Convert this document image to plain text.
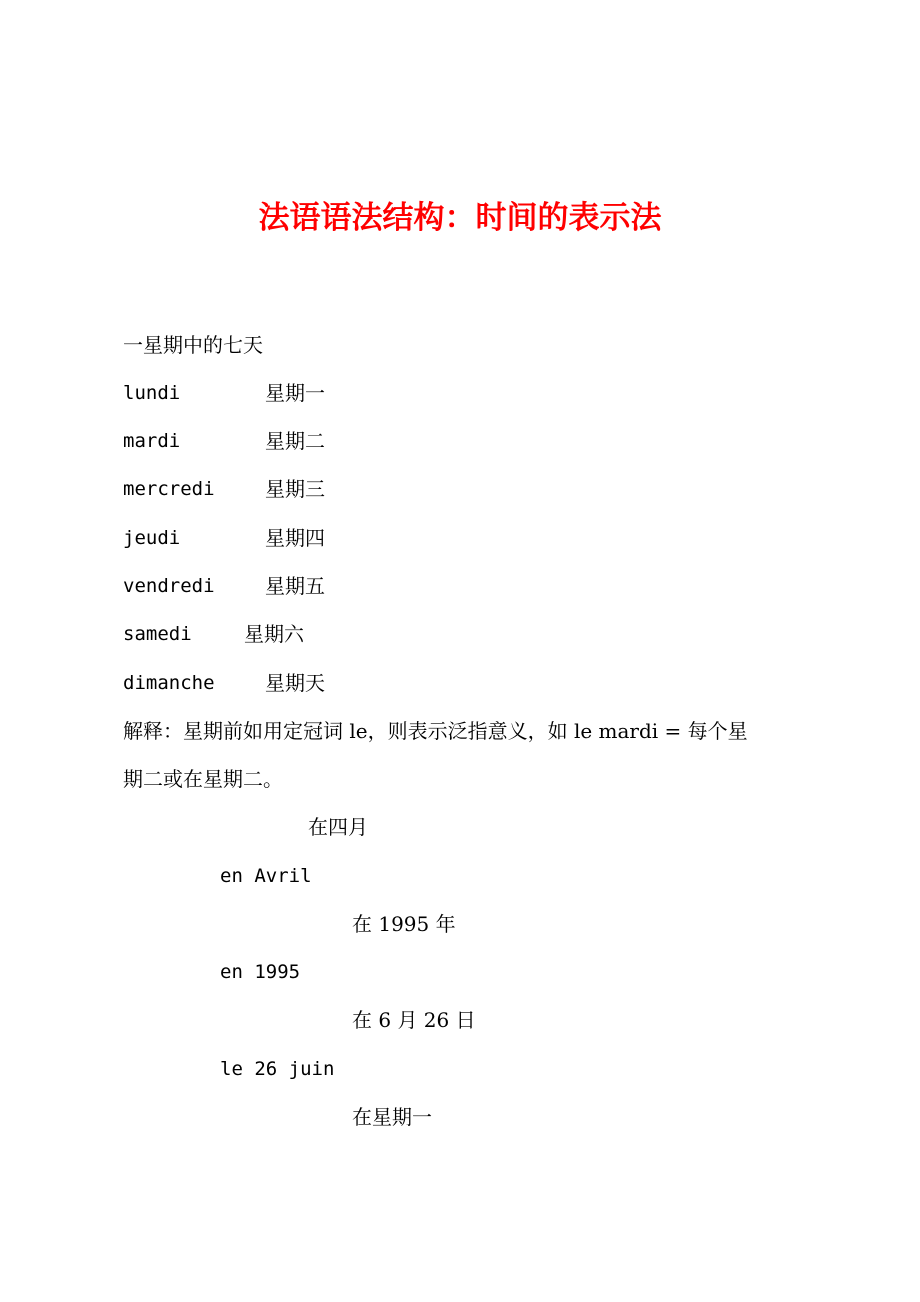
法语语法结构：时间的表示法
一星期中的七天
lundi	星期一
mardi	星期二
mercredi	星期三
jeudi	星期四
vendredi	星期五
samedi	星期六
dimanche	星期天
解释：星期前如用定冠词 le，则表示泛指意义，如 le mardi = 每个星
期二或在星期二。
在四月
en Avril
在 1995 年
en 1995
在 6 月 26 日
le 26 juin
在星期一
